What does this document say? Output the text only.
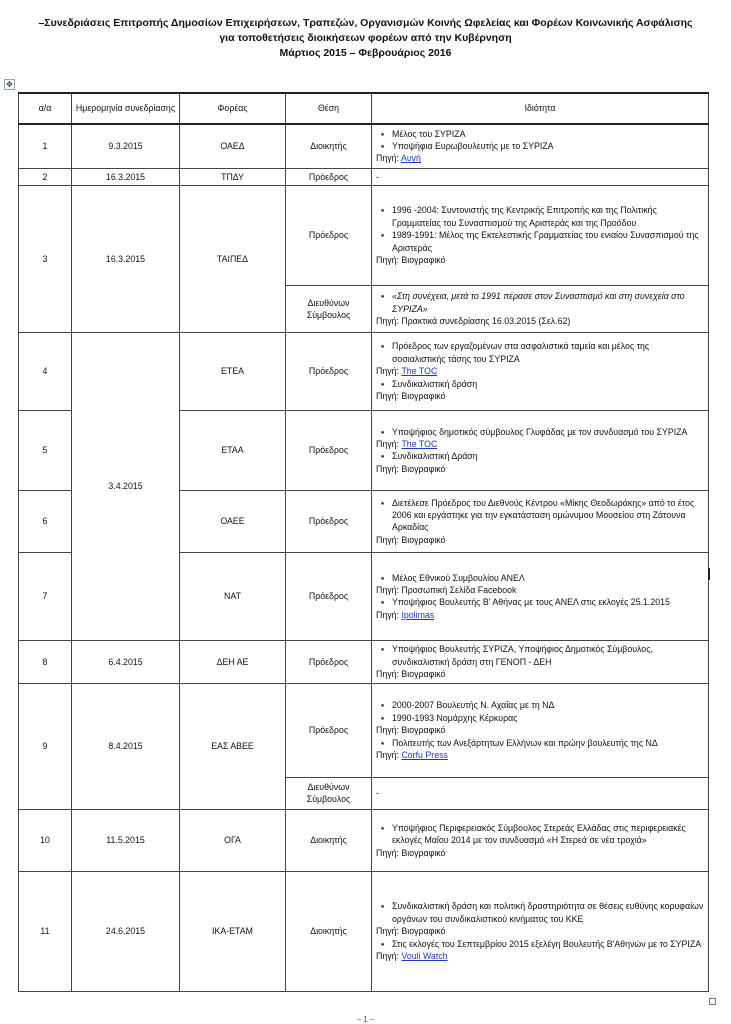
–Συνεδριάσεις Επιτροπής Δημοσίων Επιχειρήσεων, Τραπεζών, Οργανισμών Κοινής Ωφελείας και Φορέων Κοινωνικής Ασφάλισης
για τοποθετήσεις διοικήσεων φορέων από την Κυβέρνηση
Μάρτιος 2015 – Φεβρουάριος 2016
✥
α/α	Ημερομηνία συνεδρίασης	Φορέας	Θέση	Ιδιότητα
1	9.3.2015	ΟΑΕΔ	Διοικητής	▪ Μέλος του ΣΥΡΙΖΑ
▪ Υποψήφια Ευρωβουλευτής με το ΣΥΡΙΖΑ
Πηγή: Αυγή

2	16.3.2015	ΤΠΔΥ	Πρόεδρος	-
3	16.3.2015	ΤΑΙΠΕΔ	Πρόεδρος	▪ 1996 -2004: Συντονιστής της Κεντρικής Επιτροπής και της Πολιτικής Γραμματείας του Συνασπισμού της Αριστεράς και της Προόδου
▪ 1989-1991: Μέλος της Εκτελεστικής Γραμματείας του ενιαίου Συνασπισμού της Αριστεράς
Πηγή: Βιογραφικό

			Διευθύνων Σύμβουλος	▪ «Στη συνέχεια, μετά το 1991 πέρασε στον Συνασπισμό και στη συνεχεία στο ΣΥΡΙΖΑ»
Πηγή: Πρακτικά συνεδρίασης 16.03.2015 (Σελ.62)

4	3.4.2015	ΕΤΕΑ	Πρόεδρος	▪ Πρόεδρος των εργαζομένων στα ασφαλιστικά ταμεία και μέλος της σοσιαλιστικής τάσης του ΣΥΡΙΖΑ
Πηγή: The TOC
▪ Συνδικαλιστική δράση
Πηγή: Βιογραφικό

5		ΕΤΑΑ	Πρόεδρος	▪ Υποψήφιος δημοτικός σύμβουλος Γλυφάδας με τον συνδυασμό του ΣΥΡΙΖΑ
Πηγή: The TOC
▪ Συνδικαλιστική Δράση
Πηγή: Βιογραφικό

6		ΟΑΕΕ	Πρόεδρος	▪ Διετέλεσε Πρόεδρος του Διεθνούς Κέντρου «Μίκης Θεοδωράκης» από το έτος 2006 και εργάστηκε για την εγκατάσταση ομώνυμου Μουσείου στη Ζάτουνα Αρκαδίας
Πηγή: Βιογραφικό

7		ΝΑΤ	Πρόεδρος	▪ Μέλος Εθνικού Συμβουλίου ΑΝΕΛ
Πηγή: Προσωπική Σελίδα Facebook
▪ Υποψήφιος Βουλευτής Β' Αθήνας με τους ΑΝΕΛ στις εκλογές 25.1.2015
Πηγή: Ipolimas

8	6.4.2015	ΔΕΗ ΑΕ	Πρόεδρος	▪ Υποψήφιος Βουλευτής ΣΥΡΙΖΑ, Υποψήφιος Δημοτικός Σύμβουλος, συνδικαλιστική δράση στη ΓΕΝΟΠ - ΔΕΗ
Πηγή: Βιογραφικό

9	8.4.2015	ΕΑΣ ΑΒΕΕ	Πρόεδρος	▪ 2000-2007 Βουλευτής Ν. Αχαΐας με τη ΝΔ
▪ 1990-1993 Νομάρχης Κέρκυρας
Πηγή: Βιογραφικό
▪ Πολιτευτής των Ανεξάρτητων Ελλήνων και πρώην βουλευτής της ΝΔ
Πηγή: Corfu Press

			Διευθύνων Σύμβουλος	-
10	11.5.2015	ΟΓΑ	Διοικητής	▪ Υποψήφιος Περιφερειακός Σύμβουλος Στερεάς Ελλάδας στις περιφερειακές εκλογές Μαΐου 2014 με τον συνδυασμό «Η Στερεά σε νέα τροχιά»
Πηγή: Βιογραφικό

11	24.6.2015	ΙΚΑ-ΕΤΑΜ	Διοικητής	▪ Συνδικαλιστική δράση και πολιτική δραστηριότητα σε θέσεις ευθύνης κορυφαίων οργάνων του συνδικαλιστικού κινήματος του ΚΚΕ
Πηγή: Βιογραφικό
▪ Στις εκλογές του Σεπτεμβρίου 2015 εξελέγη Βουλευτής Β'Αθηνών με το ΣΥΡΙΖΑ
Πηγή: Vouli Watch
– 1 –
